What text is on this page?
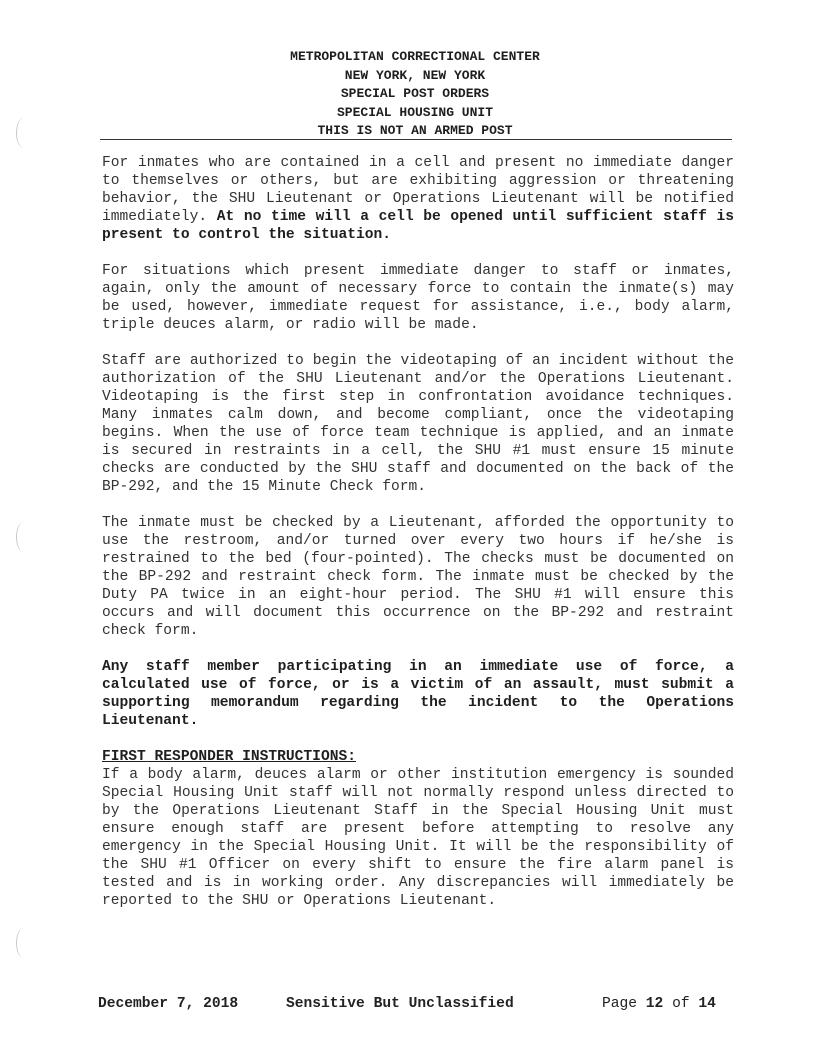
METROPOLITAN CORRECTIONAL CENTER
NEW YORK, NEW YORK
SPECIAL POST ORDERS
SPECIAL HOUSING UNIT
THIS IS NOT AN ARMED POST

For inmates who are contained in a cell and present no immediate danger to themselves or others, but are exhibiting aggression or threatening behavior, the SHU Lieutenant or Operations Lieutenant will be notified immediately. At no time will a cell be opened until sufficient staff is present to control the situation.

For situations which present immediate danger to staff or inmates, again, only the amount of necessary force to contain the inmate(s) may be used, however, immediate request for assistance, i.e., body alarm, triple deuces alarm, or radio will be made.

Staff are authorized to begin the videotaping of an incident without the authorization of the SHU Lieutenant and/or the Operations Lieutenant. Videotaping is the first step in confrontation avoidance techniques. Many inmates calm down, and become compliant, once the videotaping begins. When the use of force team technique is applied, and an inmate is secured in restraints in a cell, the SHU #1 must ensure 15 minute checks are conducted by the SHU staff and documented on the back of the BP-292, and the 15 Minute Check form.

The inmate must be checked by a Lieutenant, afforded the opportunity to use the restroom, and/or turned over every two hours if he/she is restrained to the bed (four-pointed). The checks must be documented on the BP-292 and restraint check form. The inmate must be checked by the Duty PA twice in an eight-hour period. The SHU #1 will ensure this occurs and will document this occurrence on the BP-292 and restraint check form.

Any staff member participating in an immediate use of force, a calculated use of force, or is a victim of an assault, must submit a supporting memorandum regarding the incident to the Operations Lieutenant.

FIRST RESPONDER INSTRUCTIONS:

If a body alarm, deuces alarm or other institution emergency is sounded Special Housing Unit staff will not normally respond unless directed to by the Operations Lieutenant Staff in the Special Housing Unit must ensure enough staff are present before attempting to resolve any emergency in the Special Housing Unit. It will be the responsibility of the SHU #1 Officer on every shift to ensure the fire alarm panel is tested and is in working order. Any discrepancies will immediately be reported to the SHU or Operations Lieutenant.

December 7, 2018	Sensitive But Unclassified	Page 12 of 14
